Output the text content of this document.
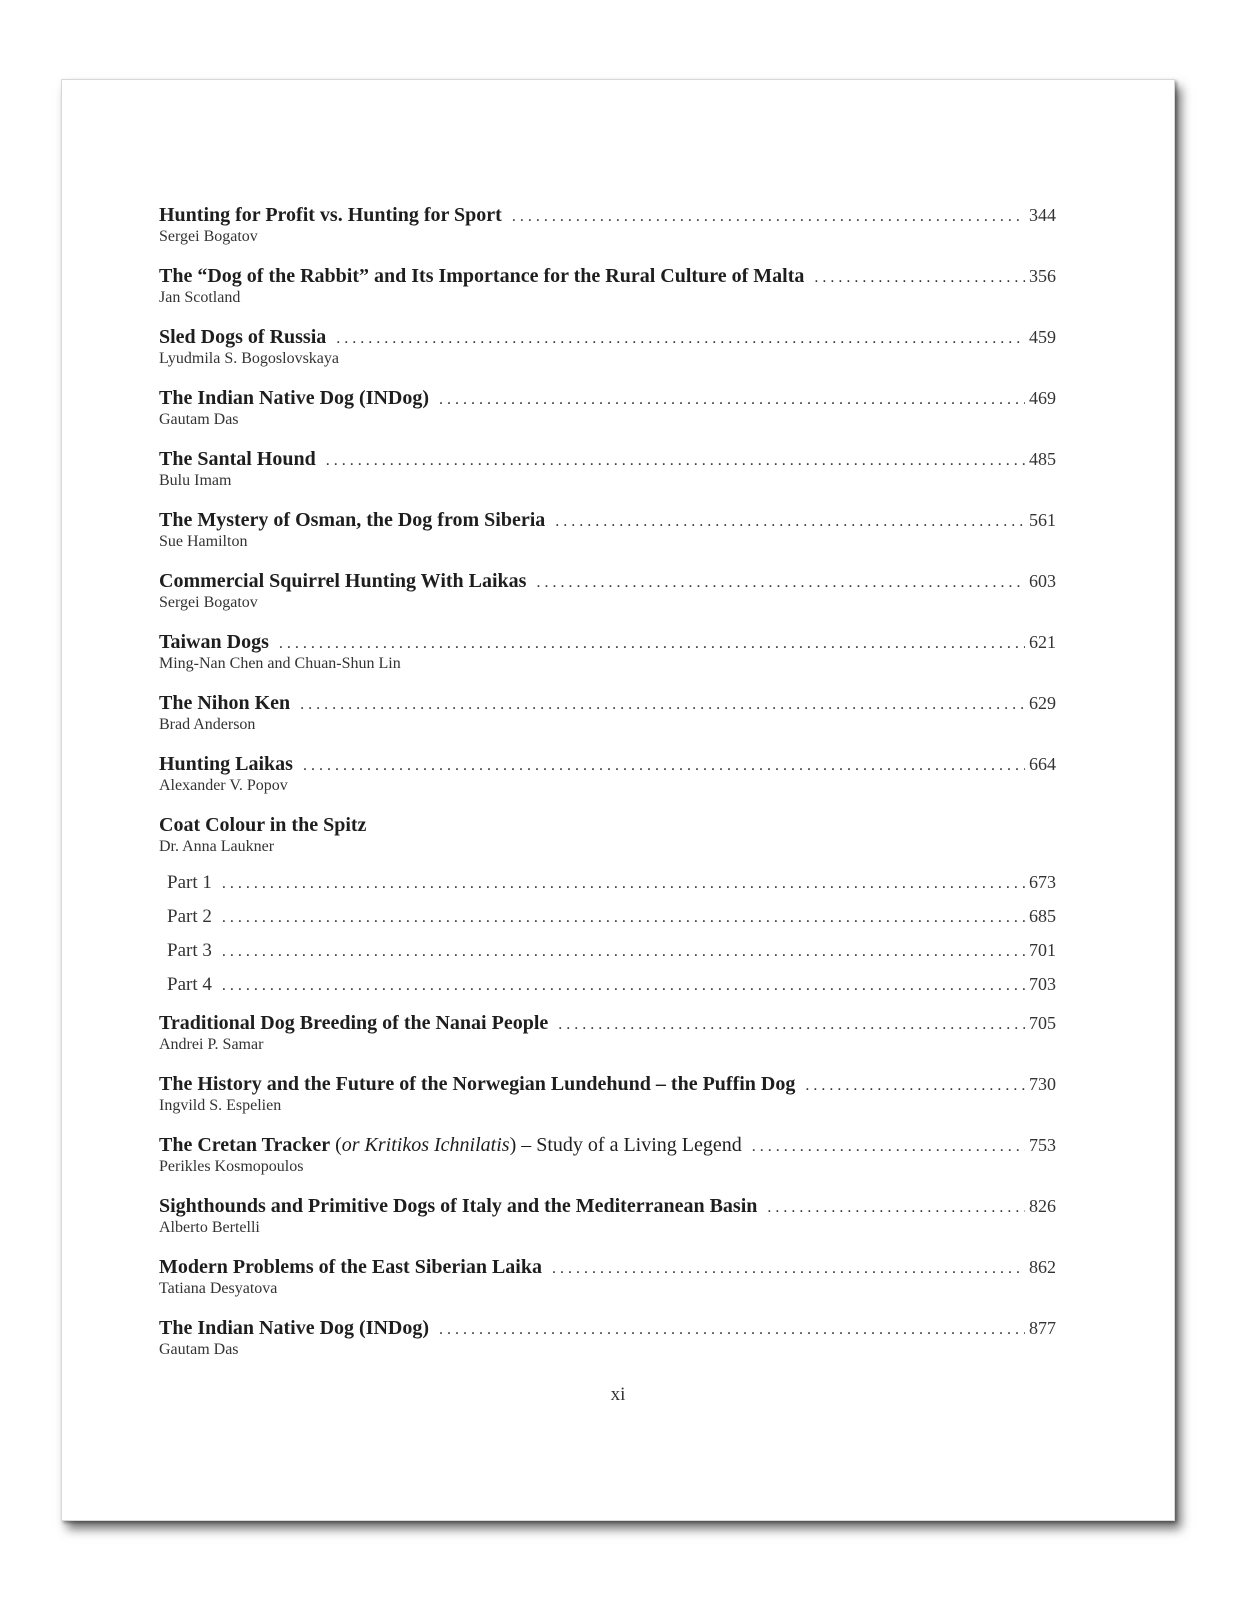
Hunting for Profit vs. Hunting for Sport . . .	344
Sergei Bogatov
The “Dog of the Rabbit” and Its Importance for the Rural Culture of Malta . . .	356
Jan Scotland
Sled Dogs of Russia . . .	459
Lyudmila S. Bogoslovskaya
The Indian Native Dog (INDog) . . .	469
Gautam Das
The Santal Hound . . .	485
Bulu Imam
The Mystery of Osman, the Dog from Siberia . . .	561
Sue Hamilton
Commercial Squirrel Hunting With Laikas . . .	603
Sergei Bogatov
Taiwan Dogs . . .	621
Ming-Nan Chen and Chuan-Shun Lin
The Nihon Ken . . .	629
Brad Anderson
Hunting Laikas . . .	664
Alexander V. Popov
Coat Colour in the Spitz
Dr. Anna Laukner
Part 1 . . .	673
Part 2 . . .	685
Part 3 . . .	701
Part 4 . . .	703
Traditional Dog Breeding of the Nanai People . . .	705
Andrei P. Samar
The History and the Future of the Norwegian Lundehund – the Puffin Dog . . .	730
Ingvild S. Espelien
The Cretan Tracker (or Kritikos Ichnilatis) – Study of a Living Legend . . .	753
Perikles Kosmopoulos
Sighthounds and Primitive Dogs of Italy and the Mediterranean Basin . . .	826
Alberto Bertelli
Modern Problems of the East Siberian Laika . . .	862
Tatiana Desyatova
The Indian Native Dog (INDog) . . .	877
Gautam Das
xi
